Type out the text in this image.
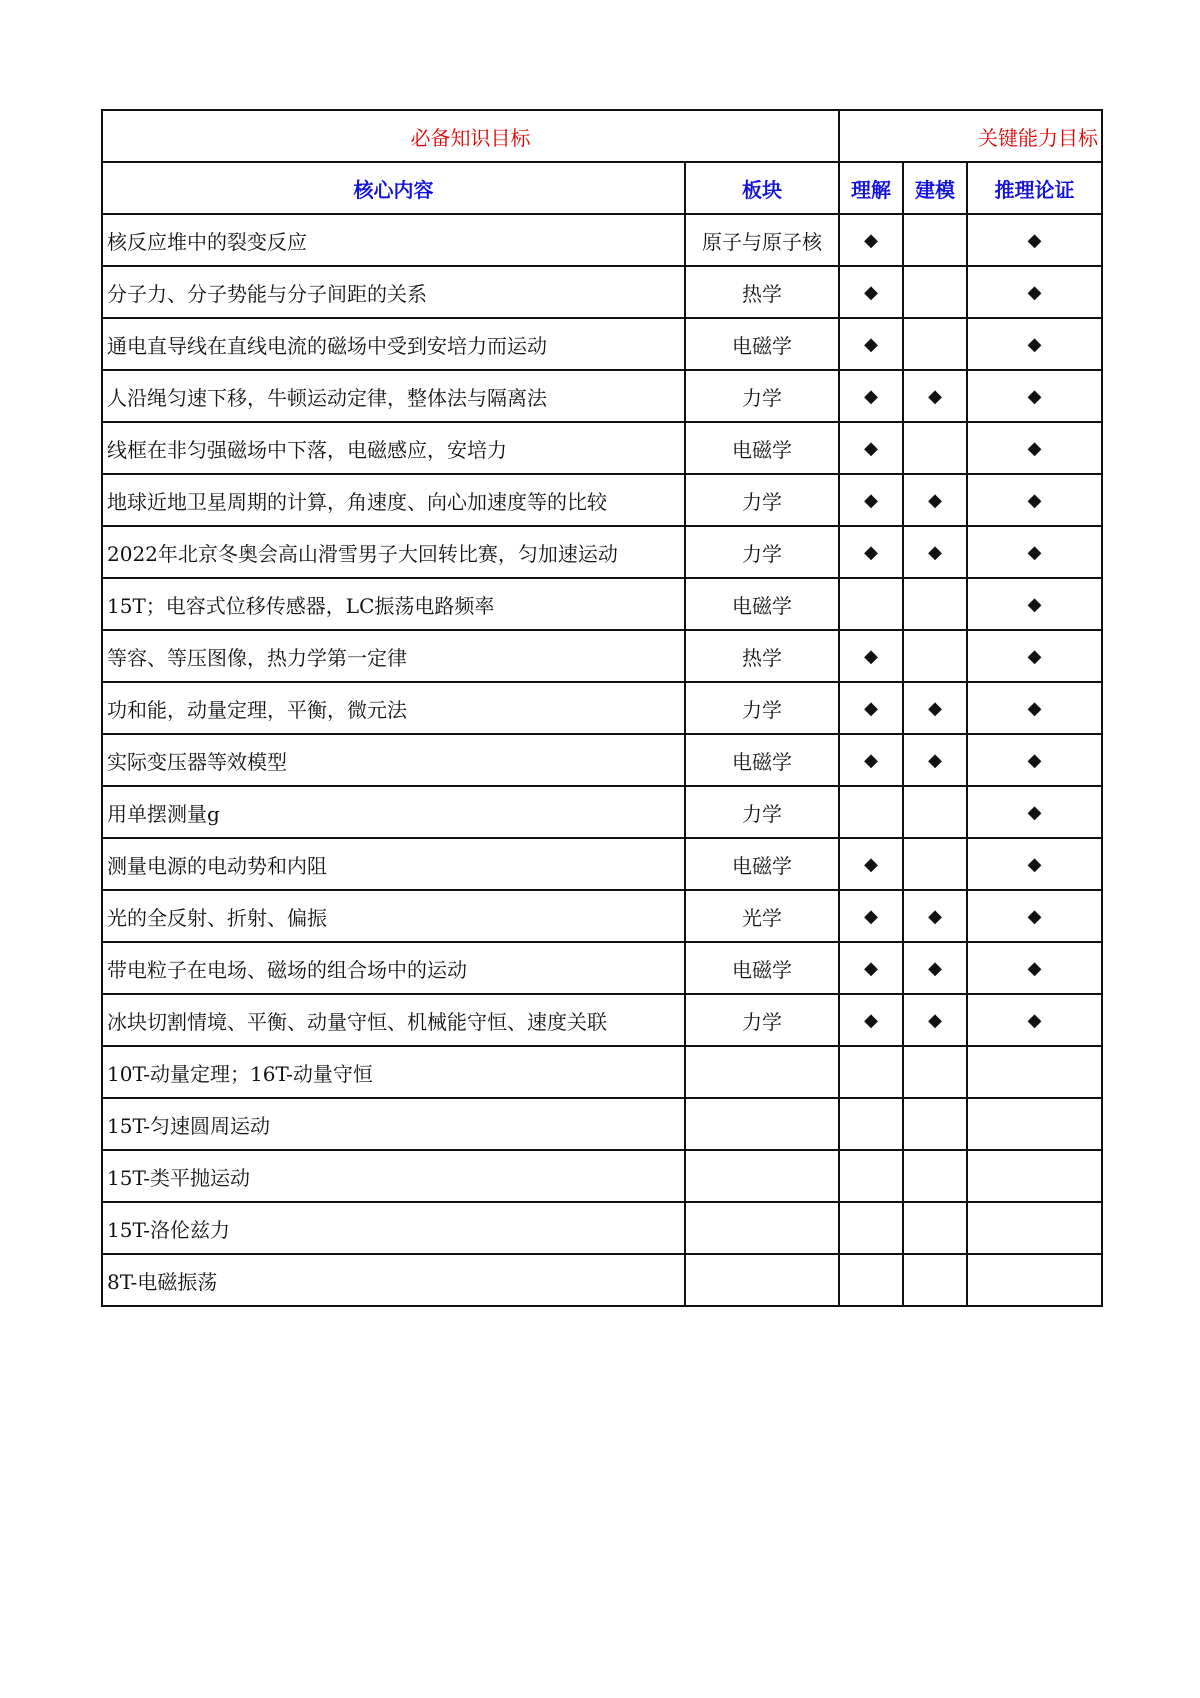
必备知识目标		关键能力目标		
核心内容	板块	理解	建模	推理论证
核反应堆中的裂变反应	原子与原子核	◆		◆
分子力、分子势能与分子间距的关系	热学	◆		◆
通电直导线在直线电流的磁场中受到安培力而运动	电磁学	◆		◆
人沿绳匀速下移，牛顿运动定律，整体法与隔离法	力学	◆	◆	◆
线框在非匀强磁场中下落，电磁感应，安培力	电磁学	◆		◆
地球近地卫星周期的计算，角速度、向心加速度等的比较	力学	◆	◆	◆
2022年北京冬奥会高山滑雪男子大回转比赛，匀加速运动	力学	◆	◆	◆
15T；电容式位移传感器，LC振荡电路频率	电磁学			◆
等容、等压图像，热力学第一定律	热学	◆		◆
功和能，动量定理，平衡，微元法	力学	◆	◆	◆
实际变压器等效模型	电磁学	◆	◆	◆
用单摆测量g	力学			◆
测量电源的电动势和内阻	电磁学	◆		◆
光的全反射、折射、偏振	光学	◆	◆	◆
带电粒子在电场、磁场的组合场中的运动	电磁学	◆	◆	◆
冰块切割情境、平衡、动量守恒、机械能守恒、速度关联	力学	◆	◆	◆
10T-动量定理；16T-动量守恒				
15T-匀速圆周运动				
15T-类平抛运动				
15T-洛伦兹力				
8T-电磁振荡				
